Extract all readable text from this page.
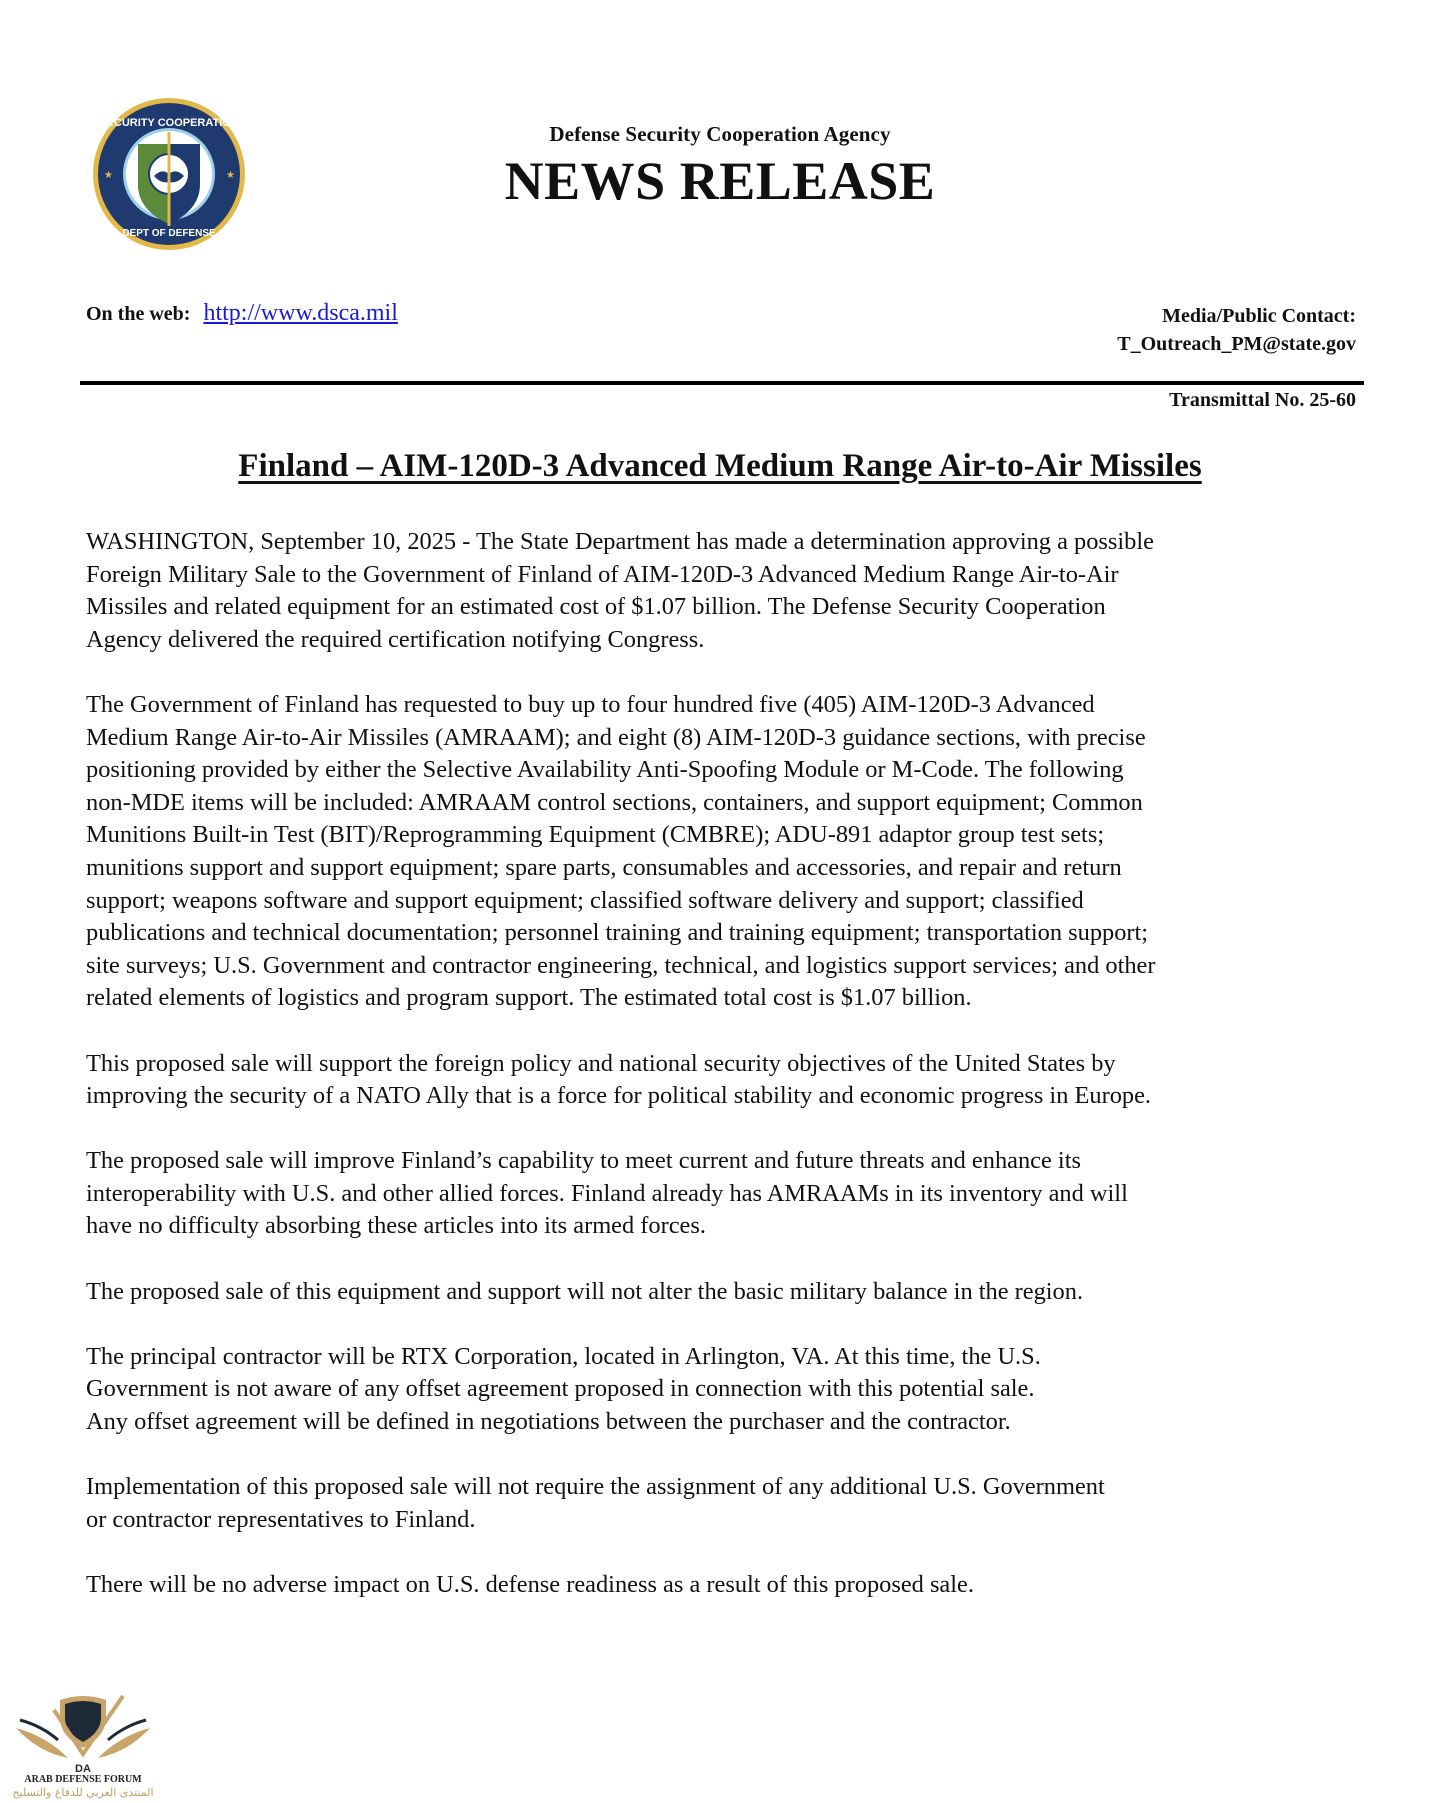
SECURITY COOPERATION
DEPT OF DEFENSE
★	★
Defense Security Cooperation Agency
NEWS RELEASE
On the web: http://www.dsca.mil	Media/Public Contact:
T_Outreach_PM@state.gov
Transmittal No. 25-60
Finland – AIM-120D-3 Advanced Medium Range Air-to-Air Missiles

WASHINGTON, September 10, 2025 - The State Department has made a determination approving a possible
Foreign Military Sale to the Government of Finland of AIM-120D-3 Advanced Medium Range Air-to-Air
Missiles and related equipment for an estimated cost of $1.07 billion. The Defense Security Cooperation
Agency delivered the required certification notifying Congress.

The Government of Finland has requested to buy up to four hundred five (405) AIM-120D-3 Advanced
Medium Range Air-to-Air Missiles (AMRAAM); and eight (8) AIM-120D-3 guidance sections, with precise
positioning provided by either the Selective Availability Anti-Spoofing Module or M-Code. The following
non-MDE items will be included: AMRAAM control sections, containers, and support equipment; Common
Munitions Built-in Test (BIT)/Reprogramming Equipment (CMBRE); ADU-891 adaptor group test sets;
munitions support and support equipment; spare parts, consumables and accessories, and repair and return
support; weapons software and support equipment; classified software delivery and support; classified
publications and technical documentation; personnel training and training equipment; transportation support;
site surveys; U.S. Government and contractor engineering, technical, and logistics support services; and other
related elements of logistics and program support. The estimated total cost is $1.07 billion.

This proposed sale will support the foreign policy and national security objectives of the United States by
improving the security of a NATO Ally that is a force for political stability and economic progress in Europe.

The proposed sale will improve Finland’s capability to meet current and future threats and enhance its
interoperability with U.S. and other allied forces. Finland already has AMRAAMs in its inventory and will
have no difficulty absorbing these articles into its armed forces.

The proposed sale of this equipment and support will not alter the basic military balance in the region.

The principal contractor will be RTX Corporation, located in Arlington, VA. At this time, the U.S.
Government is not aware of any offset agreement proposed in connection with this potential sale.
Any offset agreement will be defined in negotiations between the purchaser and the contractor.

Implementation of this proposed sale will not require the assignment of any additional U.S. Government
or contractor representatives to Finland.

There will be no adverse impact on U.S. defense readiness as a result of this proposed sale.

DA
ARAB DEFENSE FORUM
المنتدى العربي للدفاع والتسليح
